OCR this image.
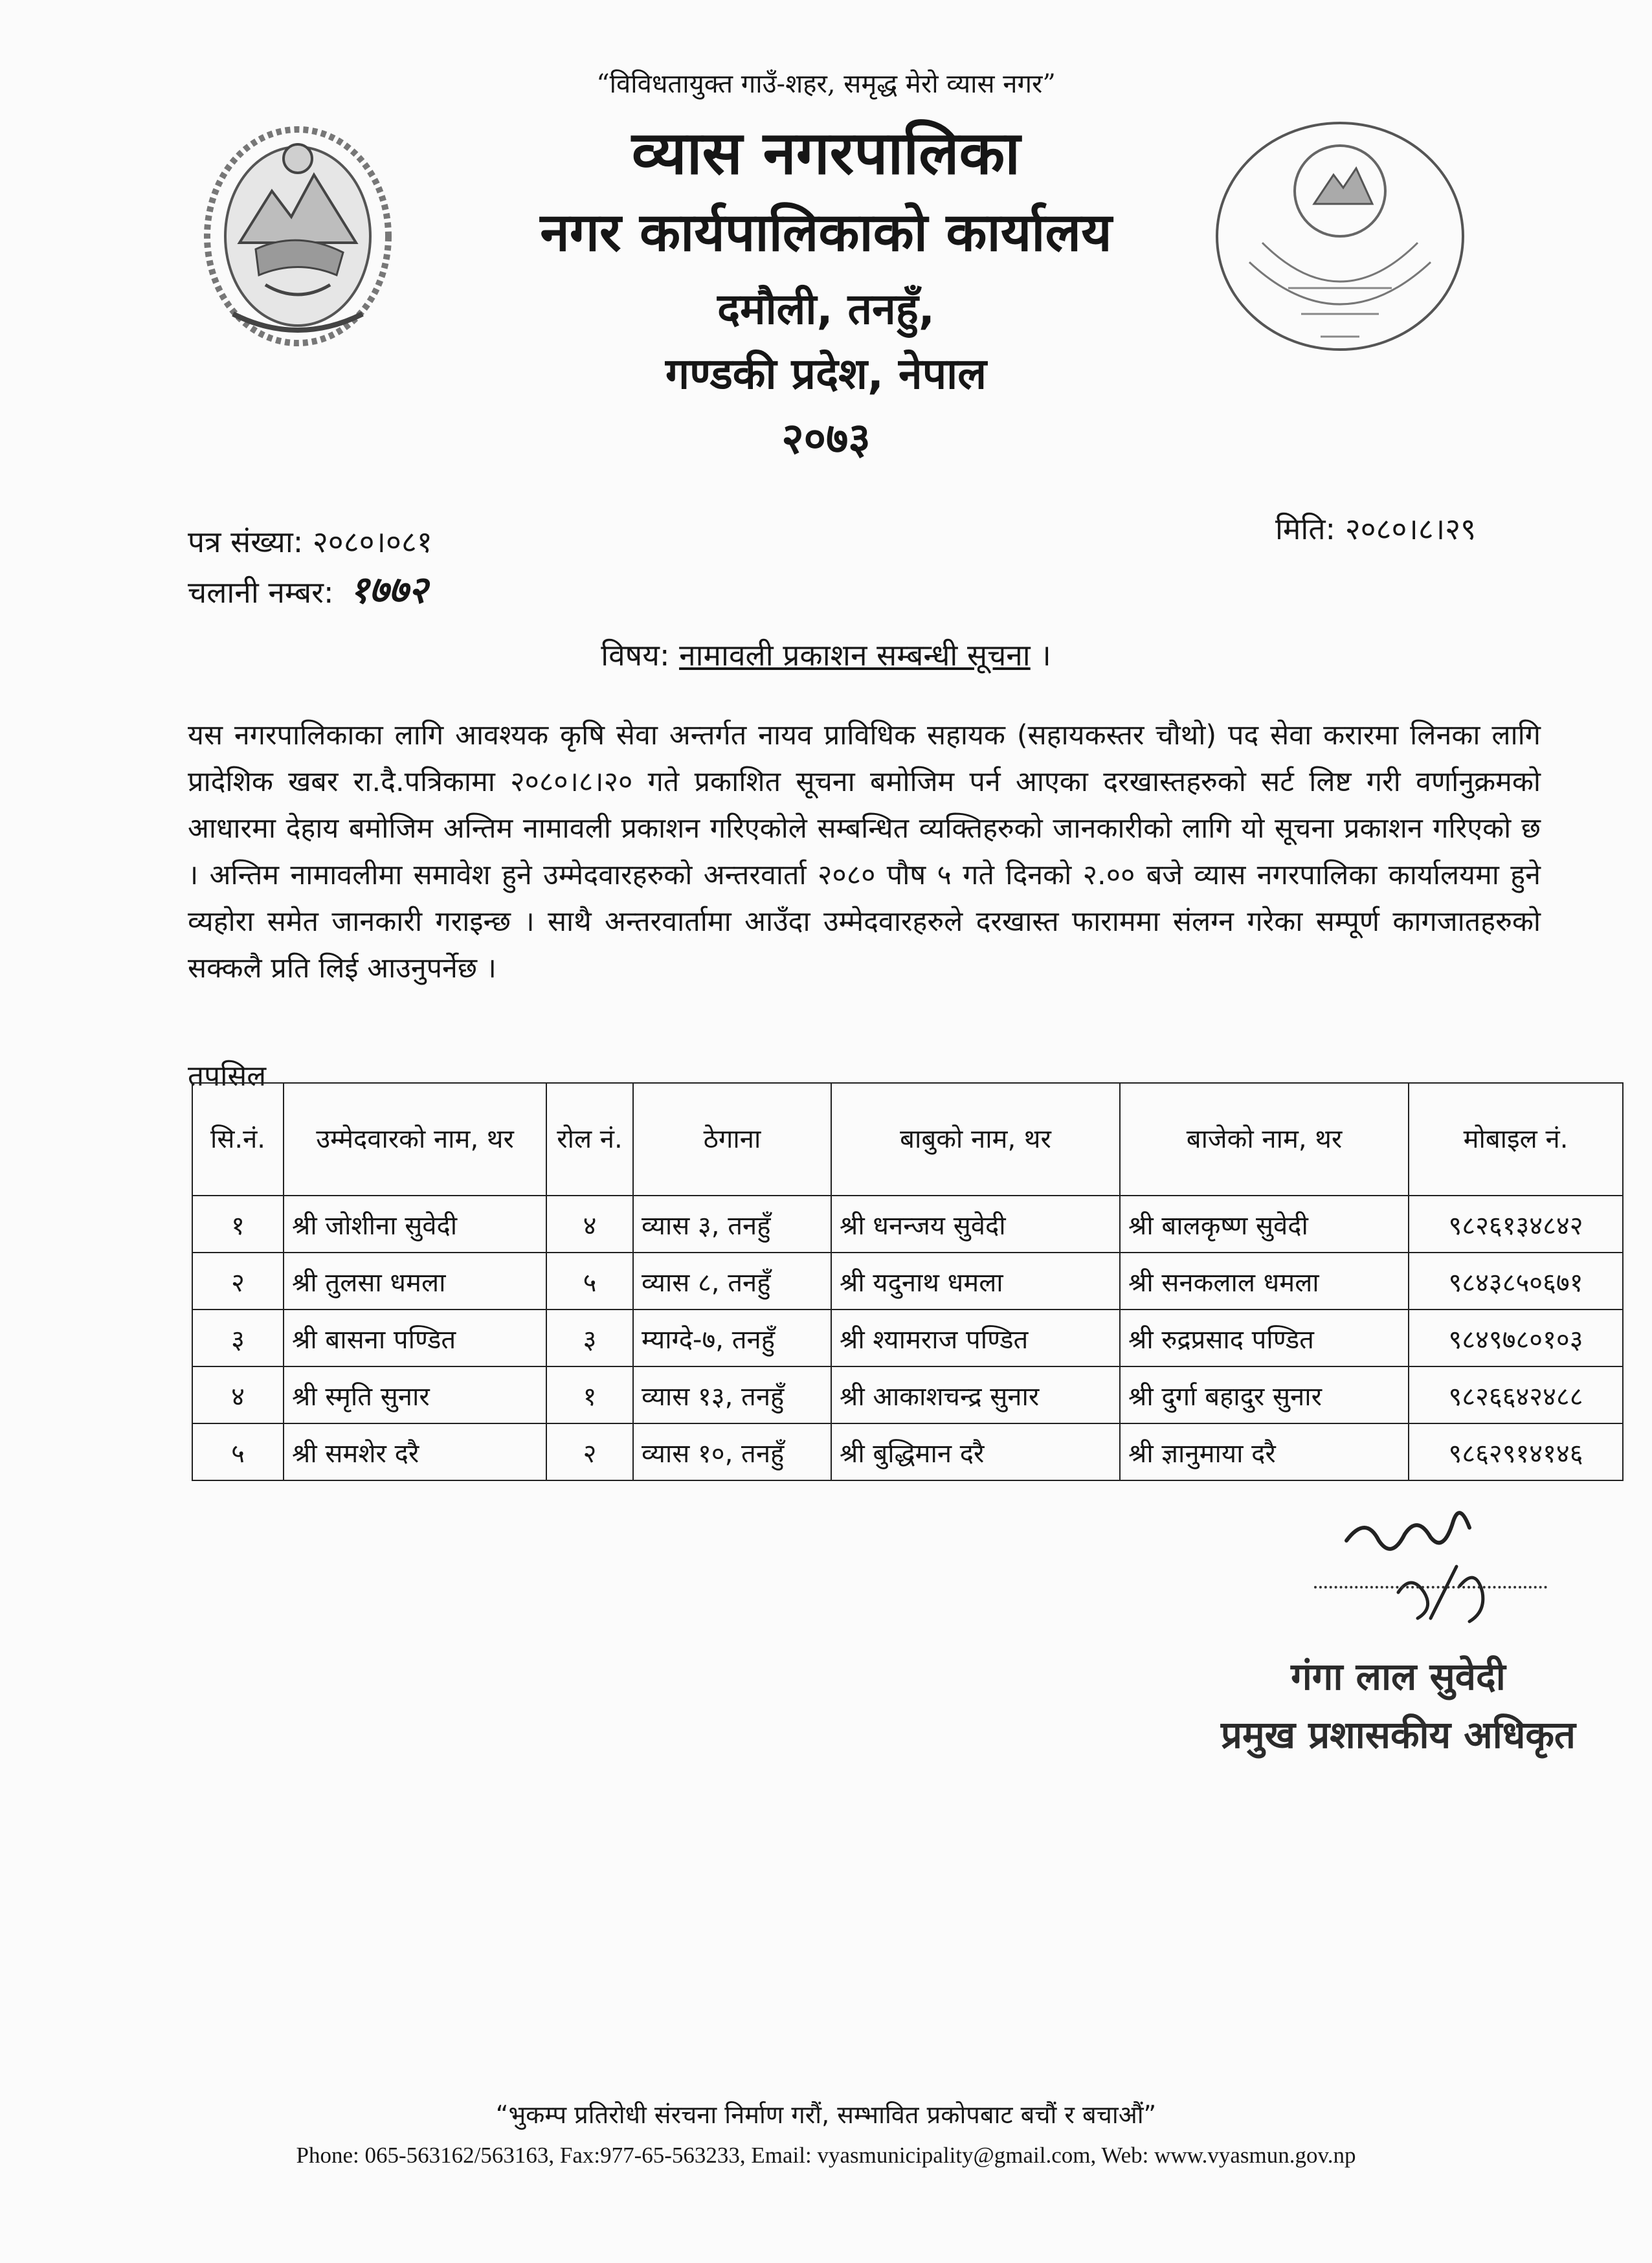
“विविधतायुक्त गाउँ-शहर, समृद्ध मेरो व्यास नगर”
व्यास नगरपालिका
नगर कार्यपालिकाको कार्यालय
दमौली, तनहुँ,
गण्डकी प्रदेश, नेपाल
२०७३
पत्र संख्या: २०८०।०८१
चलानी नम्बर: १७७२
मिति: २०८०।८।२९
विषय: नामावली प्रकाशन सम्बन्धी सूचना ।
यस नगरपालिकाका लागि आवश्यक कृषि सेवा अन्तर्गत नायव प्राविधिक सहायक (सहायकस्तर चौथो) पद सेवा करारमा लिनका लागि प्रादेशिक खबर रा.दै.पत्रिकामा २०८०।८।२० गते प्रकाशित सूचना बमोजिम पर्न आएका दरखास्तहरुको सर्ट लिष्ट गरी वर्णानुक्रमको आधारमा देहाय बमोजिम अन्तिम नामावली प्रकाशन गरिएकोले सम्बन्धित व्यक्तिहरुको जानकारीको लागि यो सूचना प्रकाशन गरिएको छ । अन्तिम नामावलीमा समावेश हुने उम्मेदवारहरुको अन्तरवार्ता २०८० पौष ५ गते दिनको २.०० बजे व्यास नगरपालिका कार्यालयमा हुने व्यहोरा समेत जानकारी गराइन्छ । साथै अन्तरवार्तामा आउँदा उम्मेदवारहरुले दरखास्त फाराममा संलग्न गरेका सम्पूर्ण कागजातहरुको सक्कलै प्रति लिई आउनुपर्नेछ ।
तपसिल
सि.नं.	उम्मेदवारको नाम, थर	रोल नं.	ठेगाना	बाबुको नाम, थर	बाजेको नाम, थर	मोबाइल नं.
१	श्री जोशीना सुवेदी	४	व्यास ३, तनहुँ	श्री धनन्जय सुवेदी	श्री बालकृष्ण सुवेदी	९८२६१३४८४२
२	श्री तुलसा धमला	५	व्यास ८, तनहुँ	श्री यदुनाथ धमला	श्री सनकलाल धमला	९८४३८५०६७१
३	श्री बासना पण्डित	३	म्याग्दे-७, तनहुँ	श्री श्यामराज पण्डित	श्री रुद्रप्रसाद पण्डित	९८४९७८०१०३
४	श्री स्मृति सुनार	१	व्यास १३, तनहुँ	श्री आकाशचन्द्र सुनार	श्री दुर्गा बहादुर सुनार	९८२६६४२४८८
५	श्री समशेर दरै	२	व्यास १०, तनहुँ	श्री बुद्धिमान दरै	श्री ज्ञानुमाया दरै	९८६२९१४१४६
गंगा लाल सुवेदी
प्रमुख प्रशासकीय अधिकृत
“भुकम्प प्रतिरोधी संरचना निर्माण गरौं, सम्भावित प्रकोपबाट बचौं र बचाऔं”
Phone: 065-563162/563163, Fax:977-65-563233, Email: vyasmunicipality@gmail.com, Web: www.vyasmun.gov.np
